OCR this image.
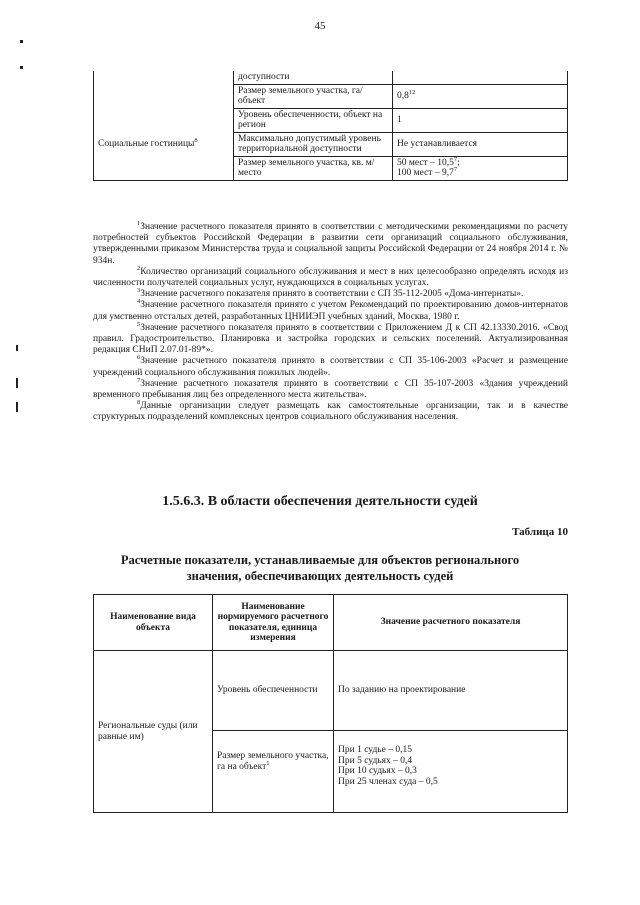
45
	доступности	
	Размер земельного участка, га/объект	$0,8^{12}$
Социальные гостиницы$^8$	Уровень обеспеченности, объект на регион	1
	Максимально допустимый уровень территориальной доступности	Не устанавливается
	Размер земельного участка, кв. м/место	50 мест – 10,5$^7$;
100 мест – $9,7^7$

$^1$Значение расчетного показателя принято в соответствии с методическими рекомендациями по расчету потребностей субъектов Российской Федерации в развитии сети организаций социального обслуживания, утвержденными приказом Министерства труда и социальной защиты Российской Федерации от 24 ноября 2014 г. № 934н.

$^2$Количество организаций социального обслуживания и мест в них целесообразно определять исходя из численности получателей социальных услуг, нуждающихся в социальных услугах.

$^3$Значение расчетного показателя принято в соответствии с СП 35-112-2005 «Дома-интернаты».

$^4$Значение расчетного показателя принято с учетом Рекомендаций по проектированию домов-интернатов для умственно отсталых детей, разработанных ЦНИИЭП учебных зданий, Москва, 1980 г.

$^5$Значение расчетного показателя принято в соответствии с Приложением Д к СП 42.13330.2016. «Свод правил. Градостроительство. Планировка и застройка городских и сельских поселений. Актуализированная редакция СНиП 2.07.01-89*».

$^6$Значение расчетного показателя принято в соответствии с СП 35-106-2003 «Расчет и размещение учреждений социального обслуживания пожилых людей».

$^7$Значение расчетного показателя принято в соответствии с СП 35-107-2003 «Здания учреждений временного пребывания лиц без определенного места жительства».

$^8$Данные организации следует размещать как самостоятельные организации, так и в качестве структурных подразделений комплексных центров социального обслуживания населения.

1.5.6.3. В области обеспечения деятельности судей
Таблица 10
Расчетные показатели, устанавливаемые для объектов регионального
значения, обеспечивающих деятельность судей
Наименование вида объекта	Наименование нормируемого расчетного показателя, единица измерения	Значение расчетного показателя
Региональные суды (или равные им)	Уровень обеспеченности	По заданию на проектирование
	Размер земельного участка, га на объект$^1$	При 1 судье – 0,15
При 5 судьях – 0,4
При 10 судьях – 0,3
При 25 членах суда – 0,5
